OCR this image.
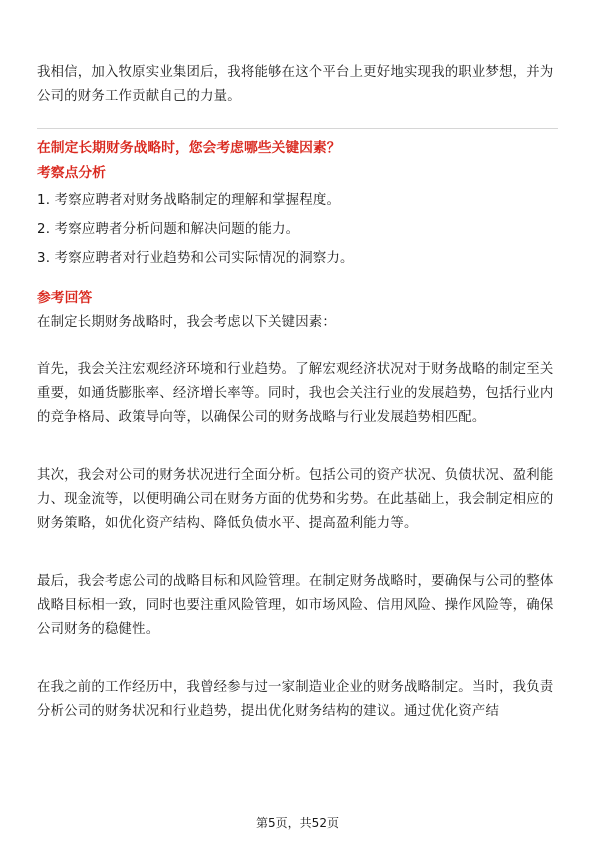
我相信，加入牧原实业集团后，我将能够在这个平台上更好地实现我的职业梦想，并为公司的财务工作贡献自己的力量。

在制定长期财务战略时，您会考虑哪些关键因素？
考察点分析

1. 考察应聘者对财务战略制定的理解和掌握程度。

2. 考察应聘者分析问题和解决问题的能力。

3. 考察应聘者对行业趋势和公司实际情况的洞察力。

参考回答

在制定长期财务战略时，我会考虑以下关键因素：

首先，我会关注宏观经济环境和行业趋势。了解宏观经济状况对于财务战略的制定至关重要，如通货膨胀率、经济增长率等。同时，我也会关注行业的发展趋势，包括行业内的竞争格局、政策导向等，以确保公司的财务战略与行业发展趋势相匹配。

其次，我会对公司的财务状况进行全面分析。包括公司的资产状况、负债状况、盈利能力、现金流等，以便明确公司在财务方面的优势和劣势。在此基础上，我会制定相应的财务策略，如优化资产结构、降低负债水平、提高盈利能力等。

最后，我会考虑公司的战略目标和风险管理。在制定财务战略时，要确保与公司的整体战略目标相一致，同时也要注重风险管理，如市场风险、信用风险、操作风险等，确保公司财务的稳健性。

在我之前的工作经历中，我曾经参与过一家制造业企业的财务战略制定。当时，我负责分析公司的财务状况和行业趋势，提出优化财务结构的建议。通过优化资产结

第5页，共52页
